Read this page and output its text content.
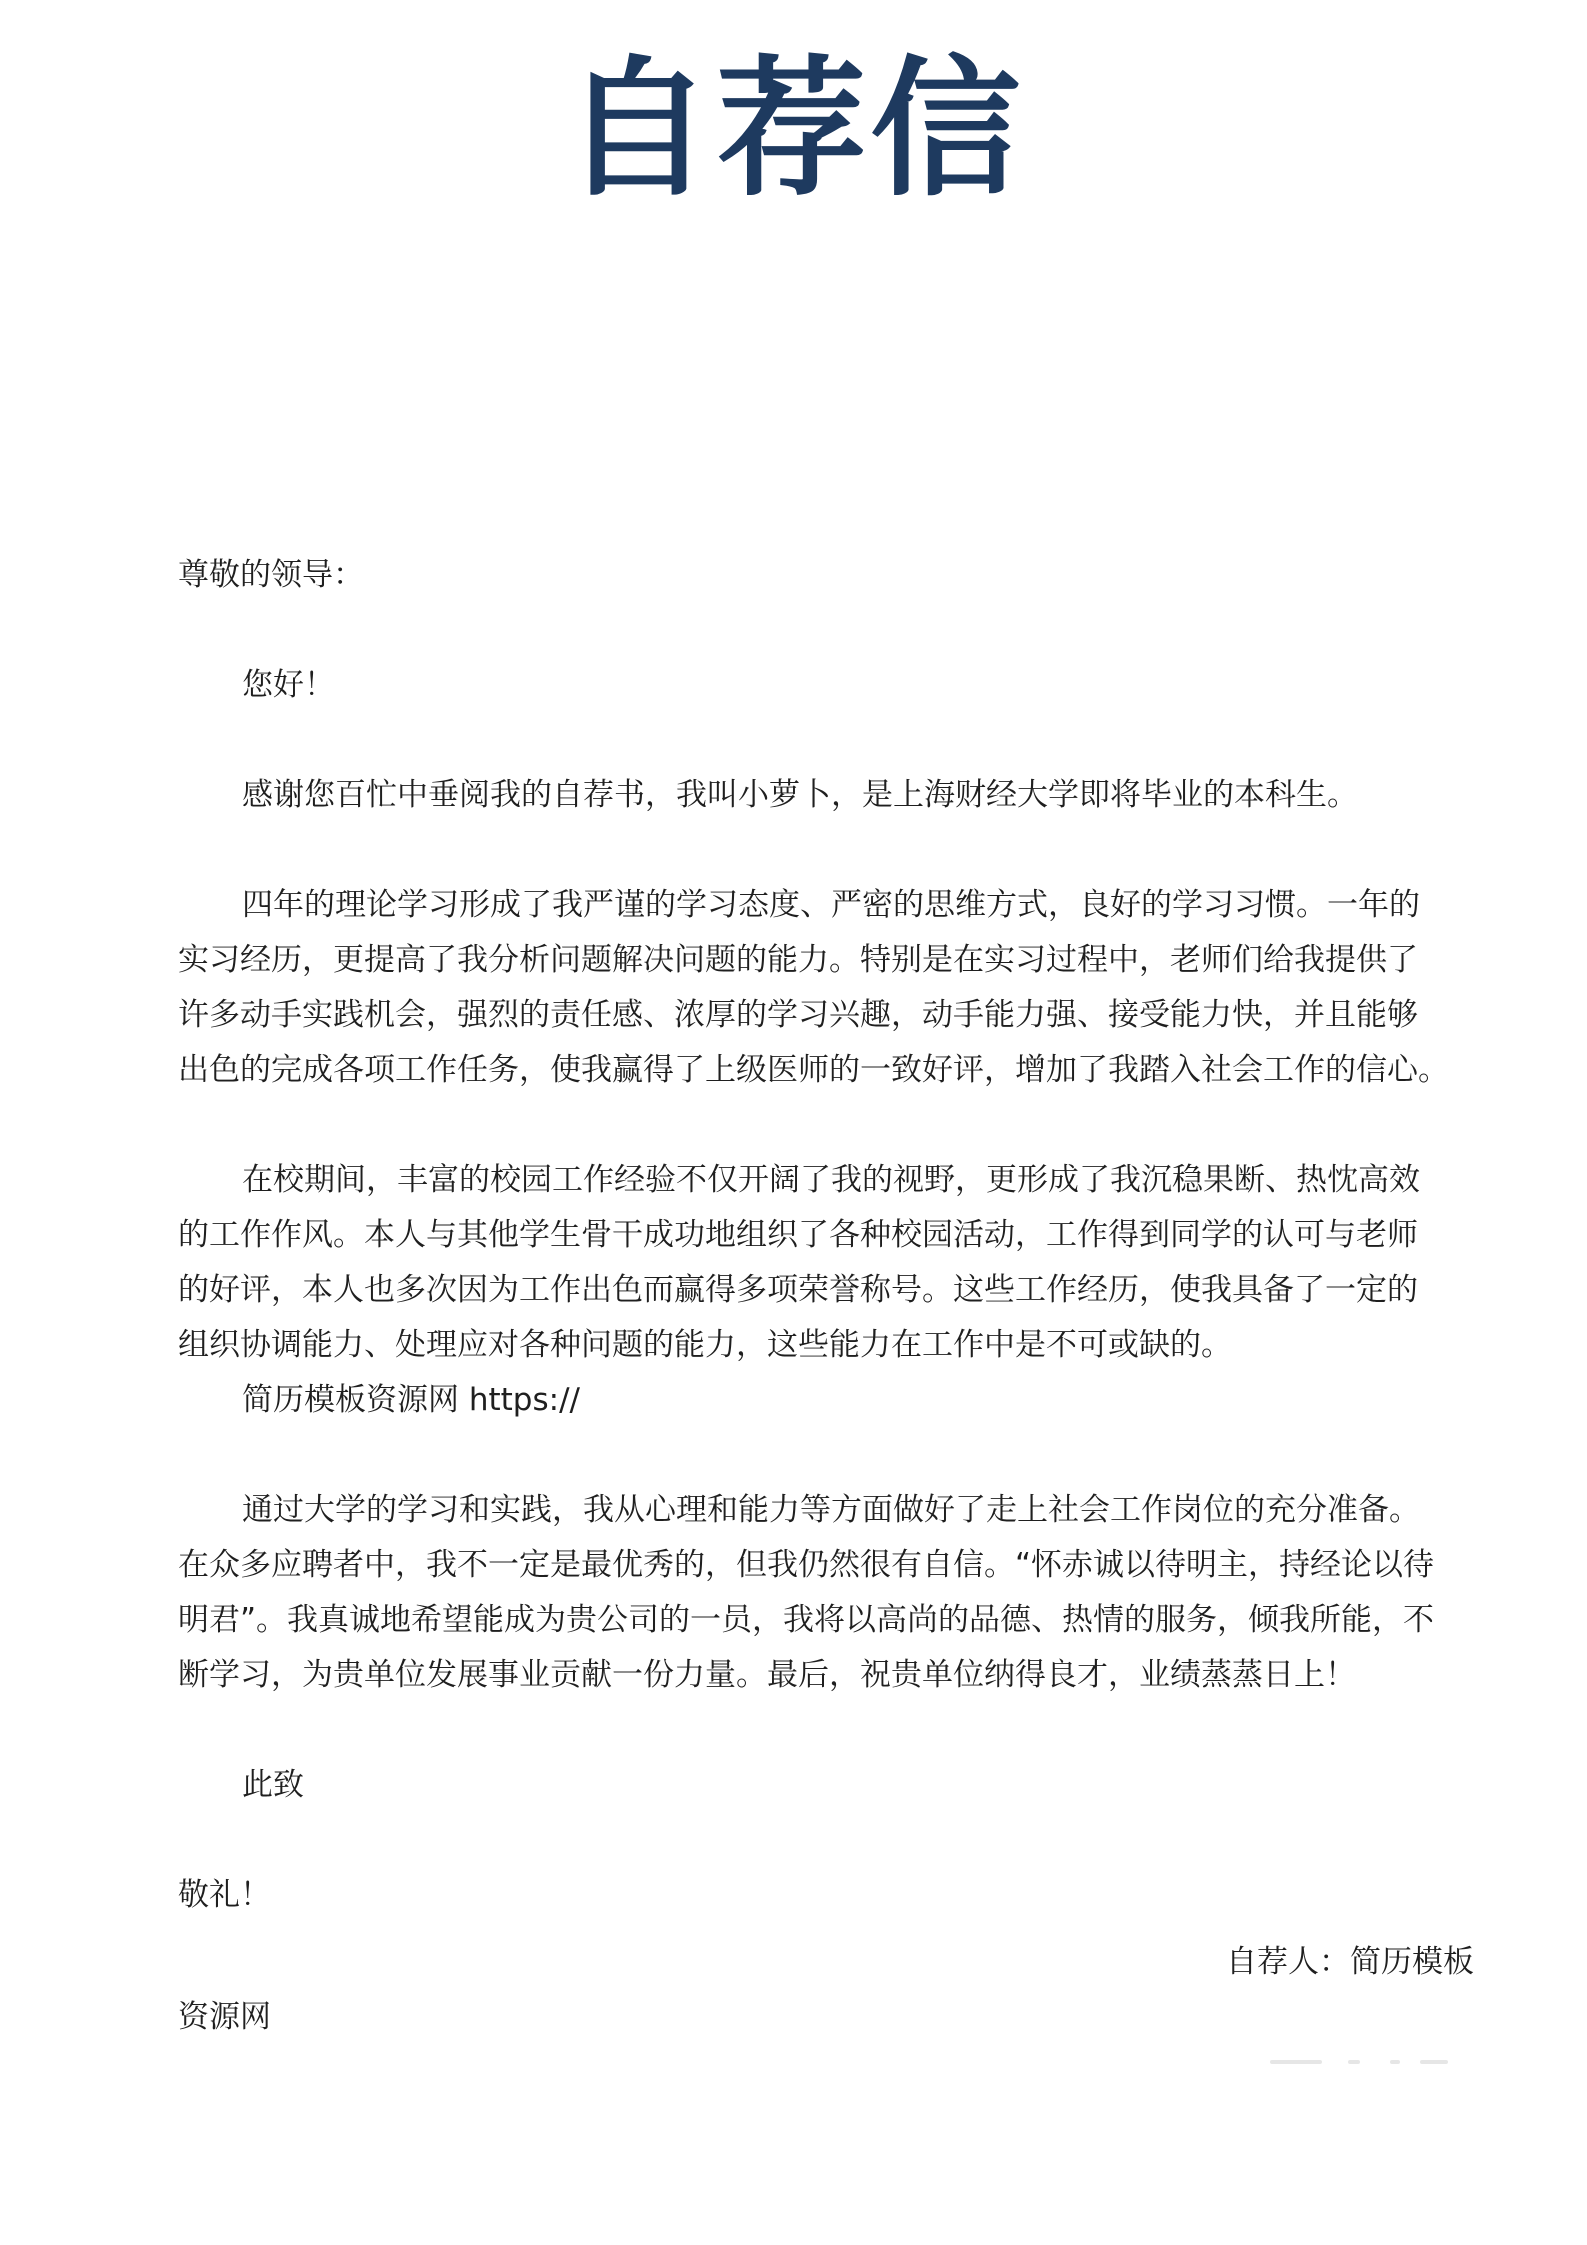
自荐信
尊敬的领导：
您好！
感谢您百忙中垂阅我的自荐书，我叫小萝卜，是上海财经大学即将毕业的本科生。
四年的理论学习形成了我严谨的学习态度、严密的思维方式，良好的学习习惯。一年的
实习经历，更提高了我分析问题解决问题的能力。特别是在实习过程中，老师们给我提供了
许多动手实践机会，强烈的责任感、浓厚的学习兴趣，动手能力强、接受能力快，并且能够
出色的完成各项工作任务，使我赢得了上级医师的一致好评，增加了我踏入社会工作的信心。
在校期间，丰富的校园工作经验不仅开阔了我的视野，更形成了我沉稳果断、热忱高效
的工作作风。本人与其他学生骨干成功地组织了各种校园活动，工作得到同学的认可与老师
的好评，本人也多次因为工作出色而赢得多项荣誉称号。这些工作经历，使我具备了一定的
组织协调能力、处理应对各种问题的能力，这些能力在工作中是不可或缺的。
简历模板资源网 https://
通过大学的学习和实践，我从心理和能力等方面做好了走上社会工作岗位的充分准备。
在众多应聘者中，我不一定是最优秀的，但我仍然很有自信。“怀赤诚以待明主，持经论以待
明君”。我真诚地希望能成为贵公司的一员，我将以高尚的品德、热情的服务，倾我所能，不
断学习，为贵单位发展事业贡献一份力量。最后，祝贵单位纳得良才，业绩蒸蒸日上！
此致
敬礼！
自荐人：简历模板
资源网
